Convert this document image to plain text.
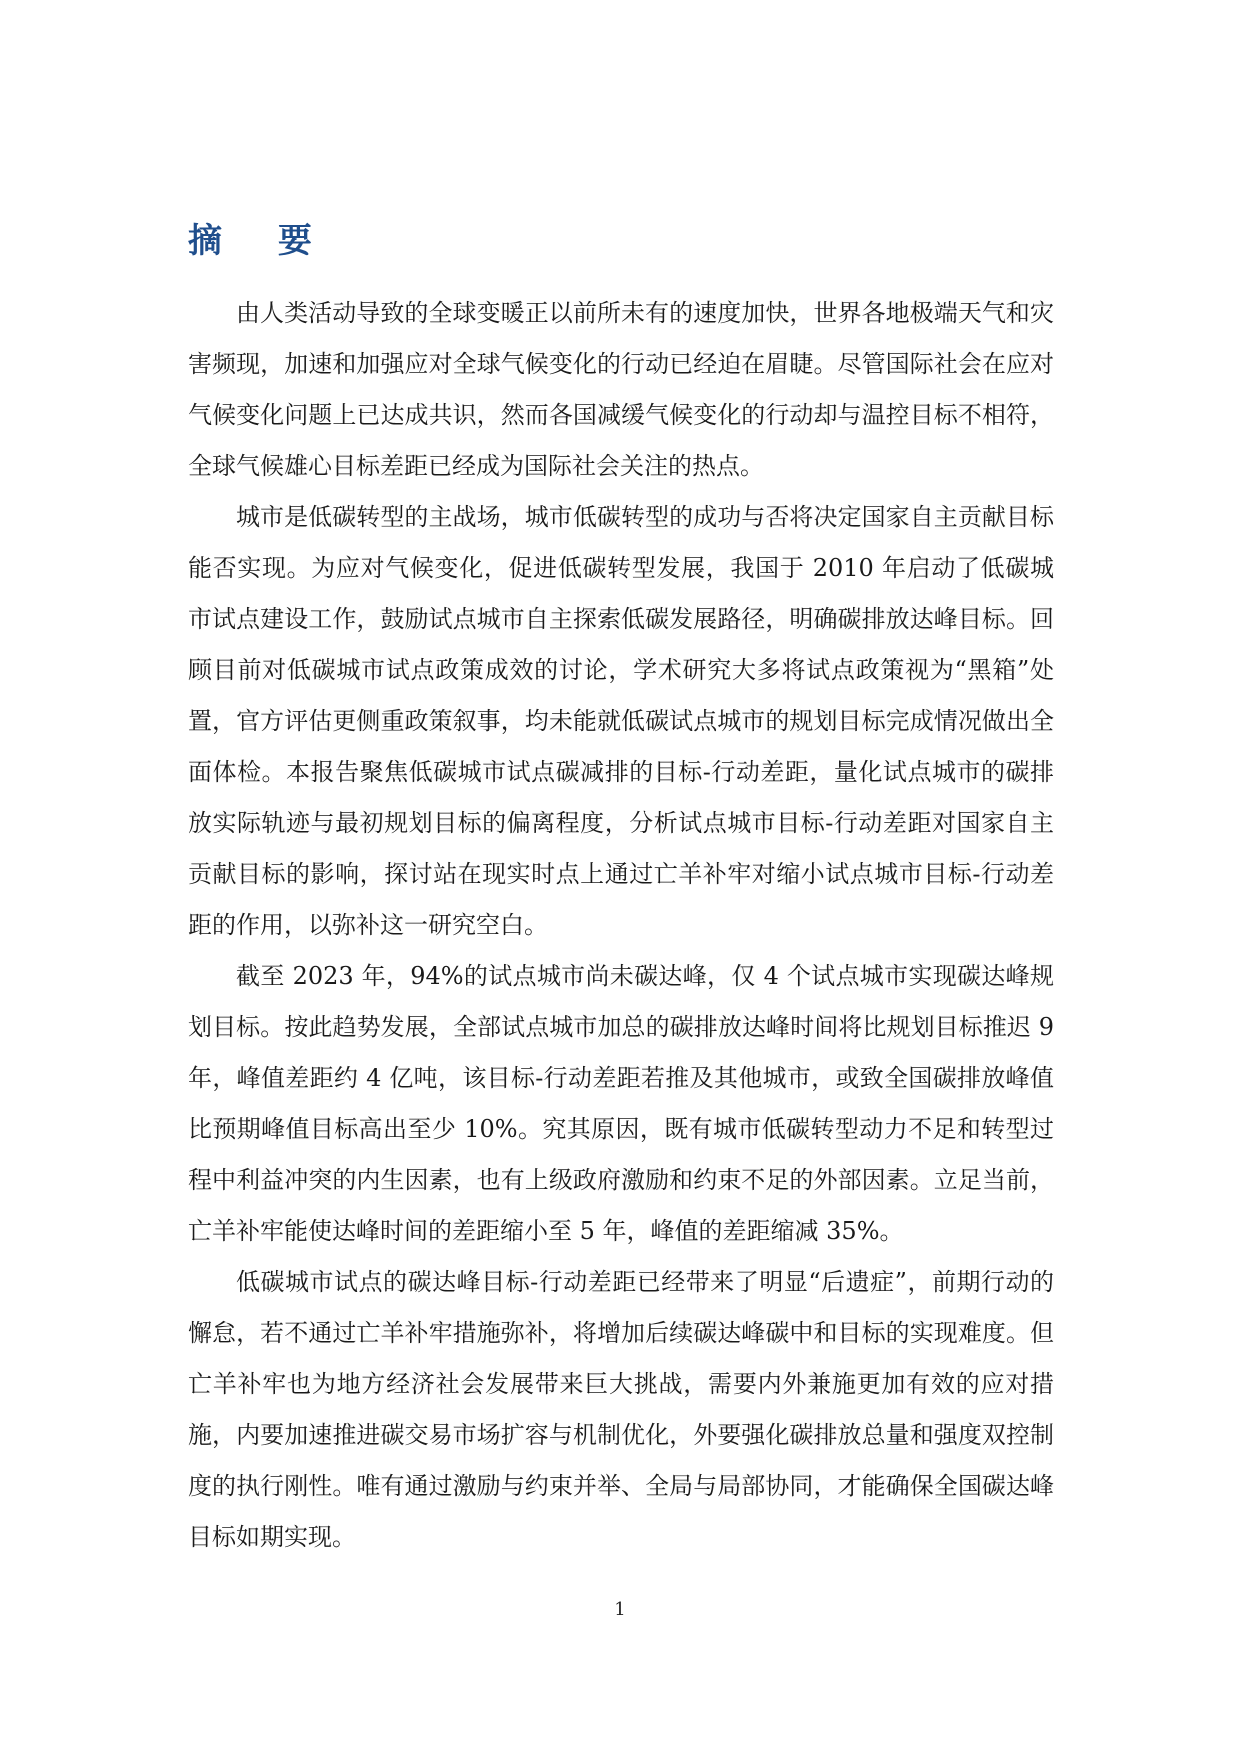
摘 要

由人类活动导致的全球变暖正以前所未有的速度加快，世界各地极端天气和灾害频现，加速和加强应对全球气候变化的行动已经迫在眉睫。尽管国际社会在应对气候变化问题上已达成共识，然而各国减缓气候变化的行动却与温控目标不相符，全球气候雄心目标差距已经成为国际社会关注的热点。

城市是低碳转型的主战场，城市低碳转型的成功与否将决定国家自主贡献目标能否实现。为应对气候变化，促进低碳转型发展，我国于 2010 年启动了低碳城市试点建设工作，鼓励试点城市自主探索低碳发展路径，明确碳排放达峰目标。回顾目前对低碳城市试点政策成效的讨论，学术研究大多将试点政策视为“黑箱”处置，官方评估更侧重政策叙事，均未能就低碳试点城市的规划目标完成情况做出全面体检。本报告聚焦低碳城市试点碳减排的目标-行动差距，量化试点城市的碳排放实际轨迹与最初规划目标的偏离程度，分析试点城市目标-行动差距对国家自主贡献目标的影响，探讨站在现实时点上通过亡羊补牢对缩小试点城市目标-行动差距的作用，以弥补这一研究空白。

截至 2023 年，94%的试点城市尚未碳达峰，仅 4 个试点城市实现碳达峰规划目标。按此趋势发展，全部试点城市加总的碳排放达峰时间将比规划目标推迟 9 年，峰值差距约 4 亿吨，该目标-行动差距若推及其他城市，或致全国碳排放峰值比预期峰值目标高出至少 10%。究其原因，既有城市低碳转型动力不足和转型过程中利益冲突的内生因素，也有上级政府激励和约束不足的外部因素。立足当前，亡羊补牢能使达峰时间的差距缩小至 5 年，峰值的差距缩减 35%。

低碳城市试点的碳达峰目标-行动差距已经带来了明显“后遗症”，前期行动的懈怠，若不通过亡羊补牢措施弥补，将增加后续碳达峰碳中和目标的实现难度。但亡羊补牢也为地方经济社会发展带来巨大挑战，需要内外兼施更加有效的应对措施，内要加速推进碳交易市场扩容与机制优化，外要强化碳排放总量和强度双控制度的执行刚性。唯有通过激励与约束并举、全局与局部协同，才能确保全国碳达峰目标如期实现。

1
